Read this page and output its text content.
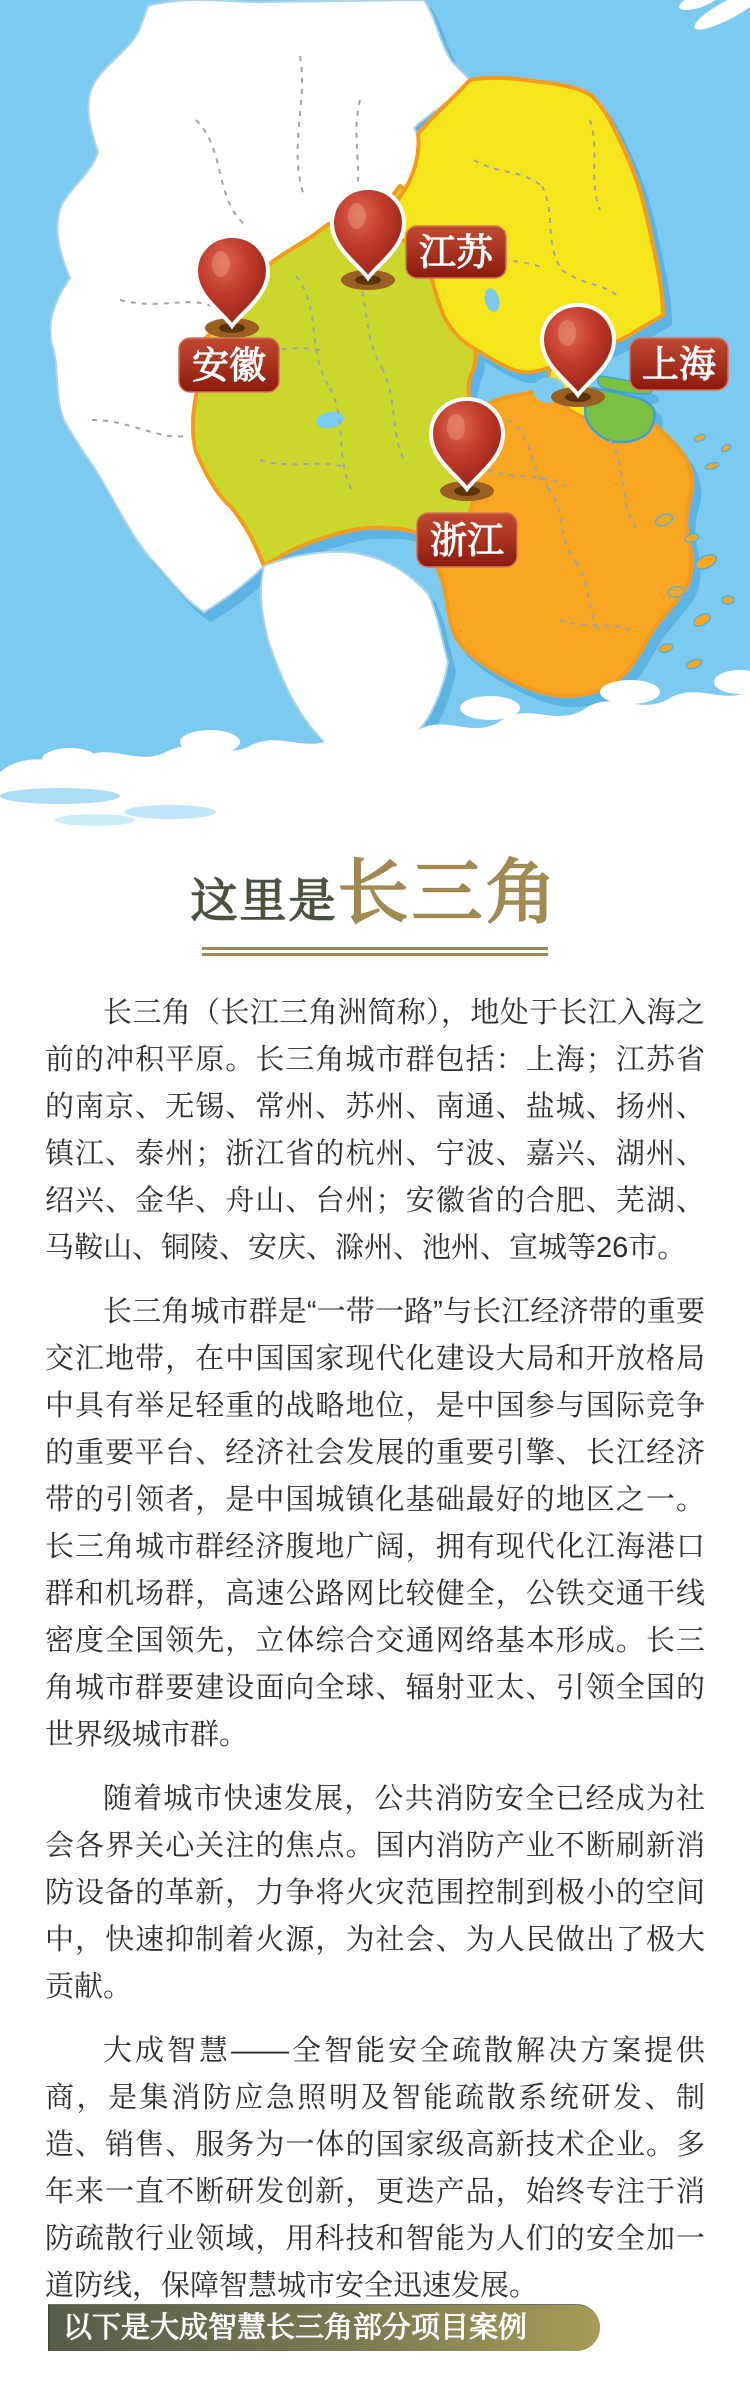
江苏
安徽	上海
浙江
这里是长三角

长三角（长江三角洲简称），地处于长江入海之前的冲积平原。长三角城市群包括：上海；江苏省的南京、无锡、常州、苏州、南通、盐城、扬州、镇江、泰州；浙江省的杭州、宁波、嘉兴、湖州、绍兴、金华、舟山、台州；安徽省的合肥、芜湖、马鞍山、铜陵、安庆、滁州、池州、宣城等26市。

长三角城市群是“一带一路”与长江经济带的重要交汇地带，在中国国家现代化建设大局和开放格局中具有举足轻重的战略地位，是中国参与国际竞争的重要平台、经济社会发展的重要引擎、长江经济带的引领者，是中国城镇化基础最好的地区之一。长三角城市群经济腹地广阔，拥有现代化江海港口群和机场群，高速公路网比较健全，公铁交通干线密度全国领先，立体综合交通网络基本形成。长三角城市群要建设面向全球、辐射亚太、引领全国的世界级城市群。

随着城市快速发展，公共消防安全已经成为社会各界关心关注的焦点。国内消防产业不断刷新消防设备的革新，力争将火灾范围控制到极小的空间中，快速抑制着火源，为社会、为人民做出了极大贡献。

大成智慧——全智能安全疏散解决方案提供商，是集消防应急照明及智能疏散系统研发、制造、销售、服务为一体的国家级高新技术企业。多年来一直不断研发创新，更迭产品，始终专注于消防疏散行业领域，用科技和智能为人们的安全加一道防线，保障智慧城市安全迅速发展。

以下是大成智慧长三角部分项目案例
